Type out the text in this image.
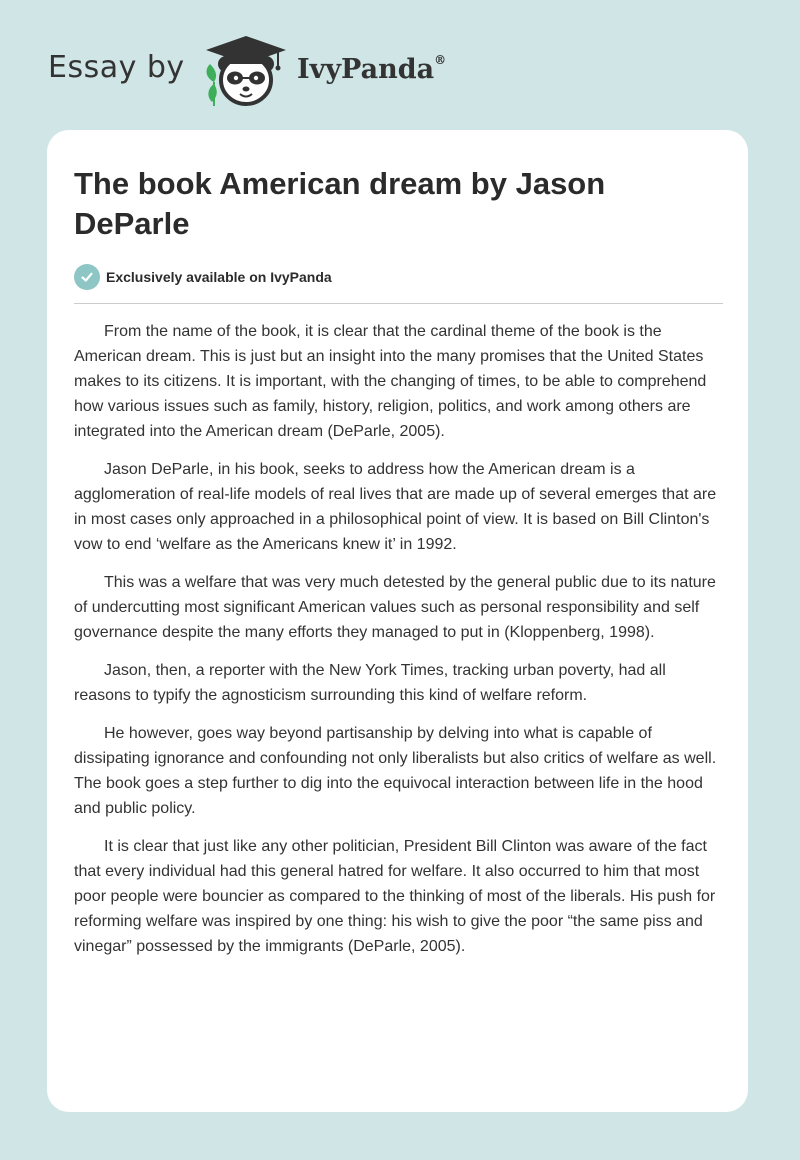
Essay by	IvyPanda®
The book American dream by Jason DeParle
Exclusively available on IvyPanda

From the name of the book, it is clear that the cardinal theme of the book is the American dream. This is just but an insight into the many promises that the United States makes to its citizens. It is important, with the changing of times, to be able to comprehend how various issues such as family, history, religion, politics, and work among others are integrated into the American dream (DeParle, 2005).

Jason DeParle, in his book, seeks to address how the American dream is a agglomeration of real-life models of real lives that are made up of several emerges that are in most cases only approached in a philosophical point of view. It is based on Bill Clinton's vow to end ‘welfare as the Americans knew it’ in 1992.

This was a welfare that was very much detested by the general public due to its nature of undercutting most significant American values such as personal responsibility and self governance despite the many efforts they managed to put in (Kloppenberg, 1998).

Jason, then, a reporter with the New York Times, tracking urban poverty, had all reasons to typify the agnosticism surrounding this kind of welfare reform.

He however, goes way beyond partisanship by delving into what is capable of dissipating ignorance and confounding not only liberalists but also critics of welfare as well. The book goes a step further to dig into the equivocal interaction between life in the hood and public policy.

It is clear that just like any other politician, President Bill Clinton was aware of the fact that every individual had this general hatred for welfare. It also occurred to him that most poor people were bouncier as compared to the thinking of most of the liberals. His push for reforming welfare was inspired by one thing: his wish to give the poor “the same piss and vinegar” possessed by the immigrants (DeParle, 2005).
